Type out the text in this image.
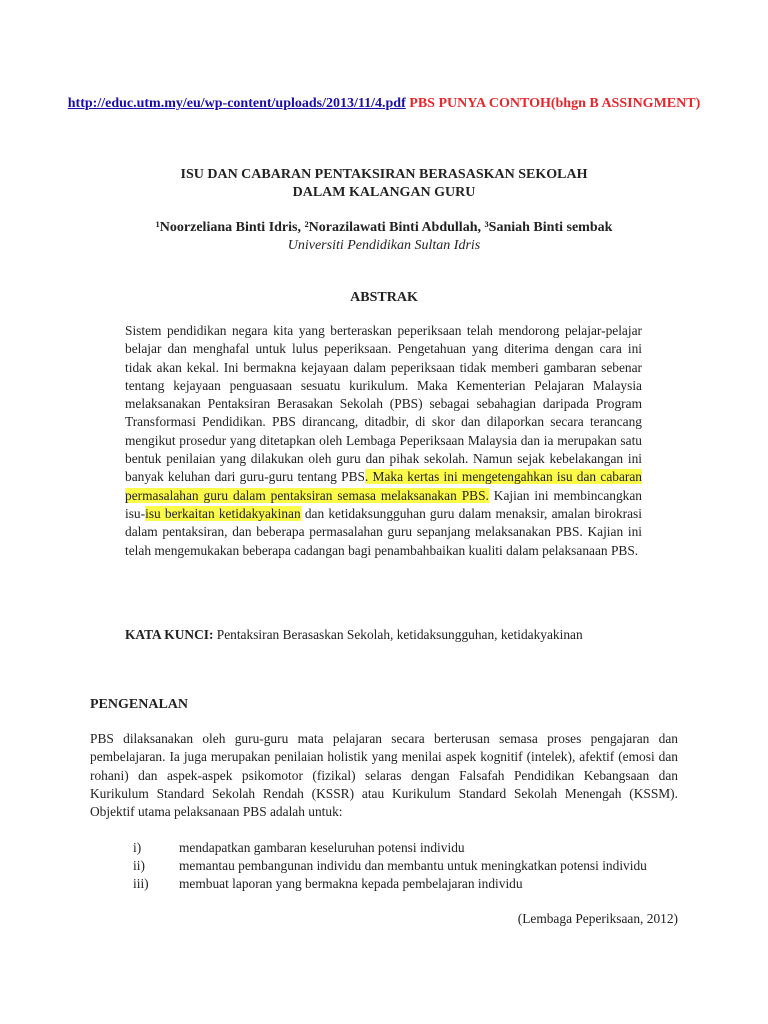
http://educ.utm.my/eu/wp-content/uploads/2013/11/4.pdf PBS PUNYA CONTOH(bhgn B ASSINGMENT)
ISU DAN CABARAN PENTAKSIRAN BERASASKAN SEKOLAH
DALAM KALANGAN GURU
¹Noorzeliana Binti Idris, ²Norazilawati Binti Abdullah, ³Saniah Binti sembak
Universiti Pendidikan Sultan Idris
ABSTRAK
Sistem pendidikan negara kita yang berteraskan peperiksaan telah mendorong pelajar-pelajar belajar dan menghafal untuk lulus peperiksaan. Pengetahuan yang diterima dengan cara ini tidak akan kekal. Ini bermakna kejayaan dalam peperiksaan tidak memberi gambaran sebenar tentang kejayaan penguasaan sesuatu kurikulum. Maka Kementerian Pelajaran Malaysia melaksanakan Pentaksiran Berasakan Sekolah (PBS) sebagai sebahagian daripada Program Transformasi Pendidikan. PBS dirancang, ditadbir, di skor dan dilaporkan secara terancang mengikut prosedur yang ditetapkan oleh Lembaga Peperiksaan Malaysia dan ia merupakan satu bentuk penilaian yang dilakukan oleh guru dan pihak sekolah. Namun sejak kebelakangan ini banyak keluhan dari guru-guru tentang PBS. Maka kertas ini mengetengahkan isu dan cabaran permasalahan guru dalam pentaksiran semasa melaksanakan PBS. Kajian ini membincangkan isu-isu berkaitan ketidakyakinan dan ketidaksungguhan guru dalam menaksir, amalan birokrasi dalam pentaksiran, dan beberapa permasalahan guru sepanjang melaksanakan PBS. Kajian ini telah mengemukakan beberapa cadangan bagi penambahbaikan kualiti dalam pelaksanaan PBS.
KATA KUNCI: Pentaksiran Berasaskan Sekolah, ketidaksungguhan, ketidakyakinan
PENGENALAN
PBS dilaksanakan oleh guru-guru mata pelajaran secara berterusan semasa proses pengajaran dan pembelajaran. Ia juga merupakan penilaian holistik yang menilai aspek kognitif (intelek), afektif (emosi dan rohani) dan aspek-aspek psikomotor (fizikal) selaras dengan Falsafah Pendidikan Kebangsaan dan Kurikulum Standard Sekolah Rendah (KSSR) atau Kurikulum Standard Sekolah Menengah (KSSM). Objektif utama pelaksanaan PBS adalah untuk:
i)	mendapatkan gambaran keseluruhan potensi individu
ii)	memantau pembangunan individu dan membantu untuk meningkatkan potensi individu
iii) membuat laporan yang bermakna kepada pembelajaran individu
(Lembaga Peperiksaan, 2012)
